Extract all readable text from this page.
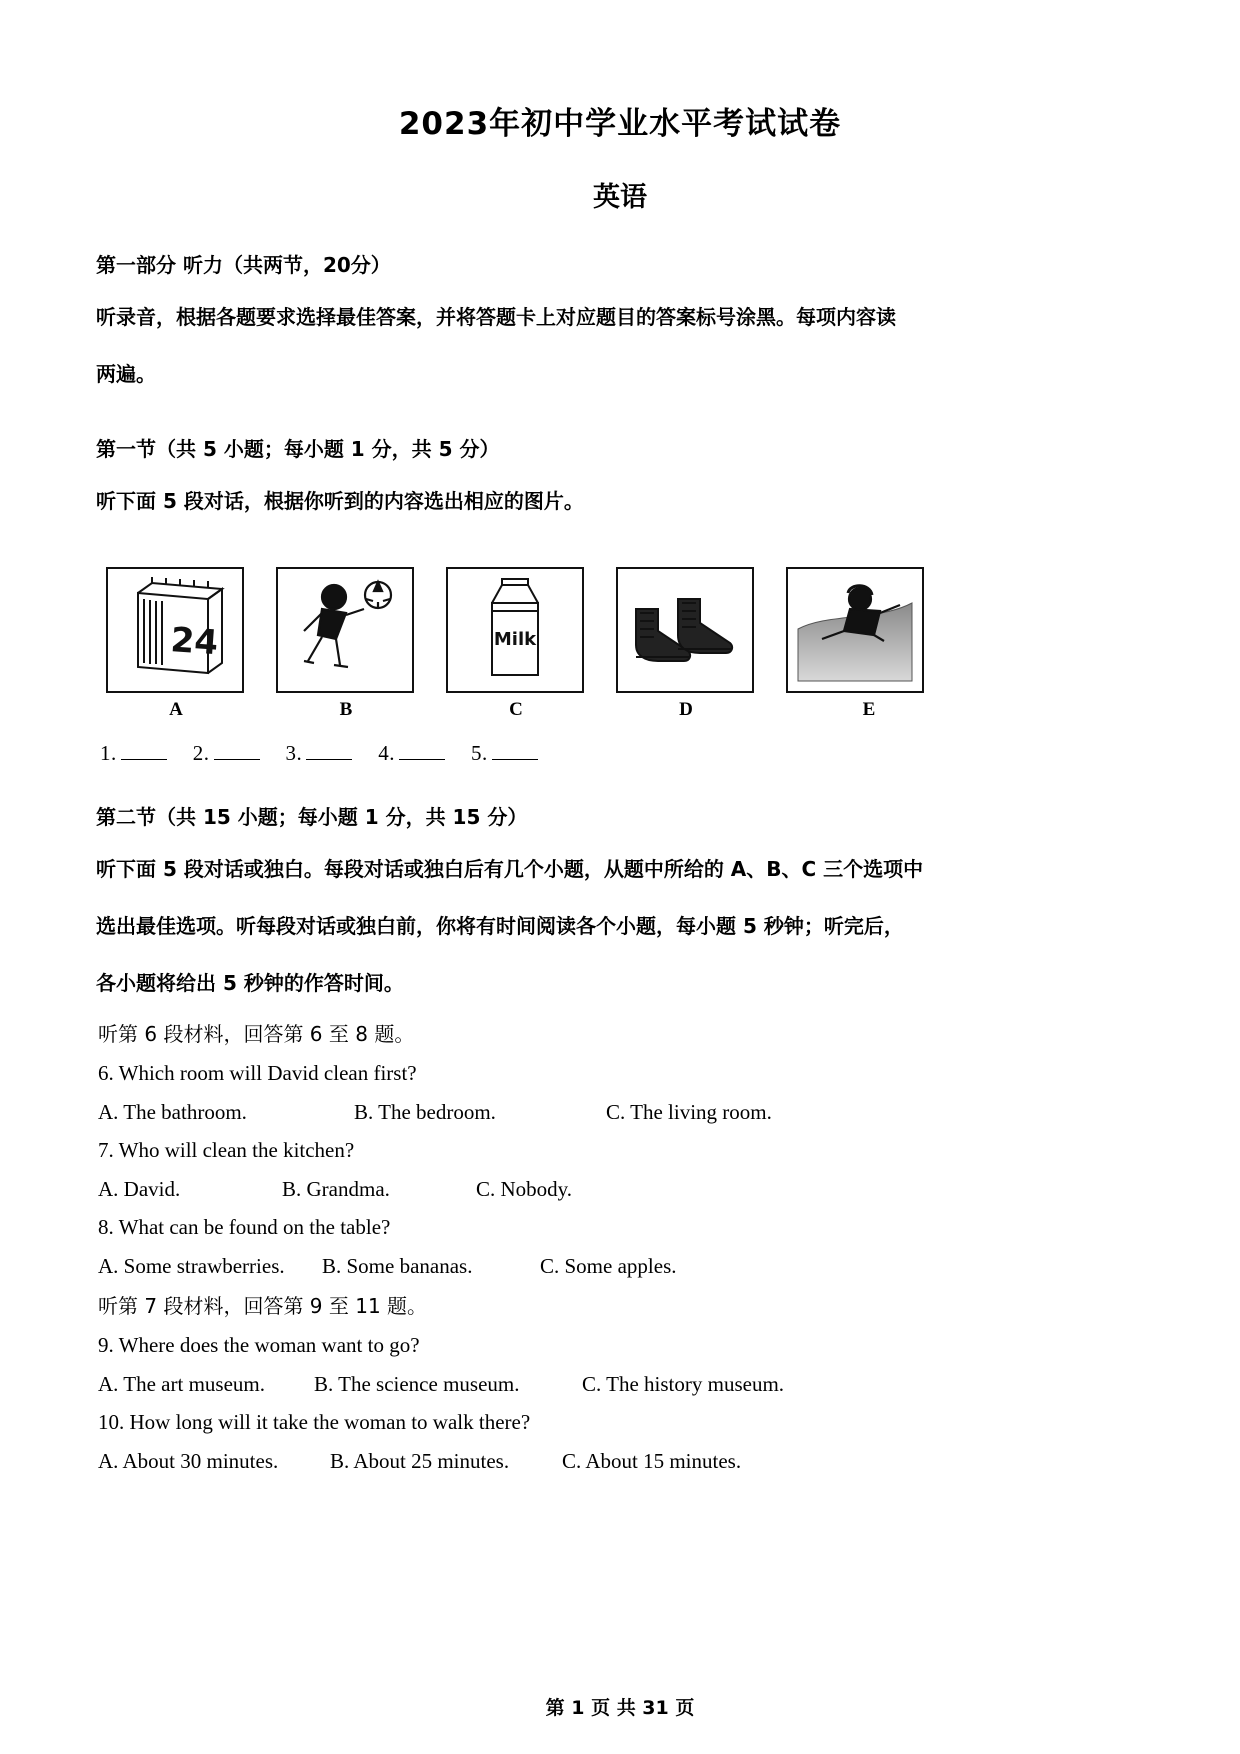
2023年初中学业水平考试试卷
英语

第一部分 听力（共两节，20分）

听录音，根据各题要求选择最佳答案，并将答题卡上对应题目的答案标号涂黑。每项内容读

两遍。

第一节（共 5 小题；每小题 1 分，共 5 分）

听下面 5 段对话，根据你听到的内容选出相应的图片。

24
A	B
Milk
C	D	E
1.	2.	3.	4.	5.

第二节（共 15 小题；每小题 1 分，共 15 分）

听下面 5 段对话或独白。每段对话或独白后有几个小题，从题中所给的 A、B、C 三个选项中

选出最佳选项。听每段对话或独白前，你将有时间阅读各个小题，每小题 5 秒钟；听完后，

各小题将给出 5 秒钟的作答时间。

听第 6 段材料，回答第 6 至 8 题。

6. Which room will David clean first?

A. The bathroom.	B. The bedroom.	C. The living room.

7. Who will clean the kitchen?

A. David.	B. Grandma.	C. Nobody.

8. What can be found on the table?

A. Some strawberries.	B. Some bananas.	C. Some apples.

听第 7 段材料，回答第 9 至 11 题。

9. Where does the woman want to go?

A. The art museum.	B. The science museum.	C. The history museum.

10. How long will it take the woman to walk there?

A. About 30 minutes.	B. About 25 minutes.	C. About 15 minutes.
第 1 页 共 31 页
